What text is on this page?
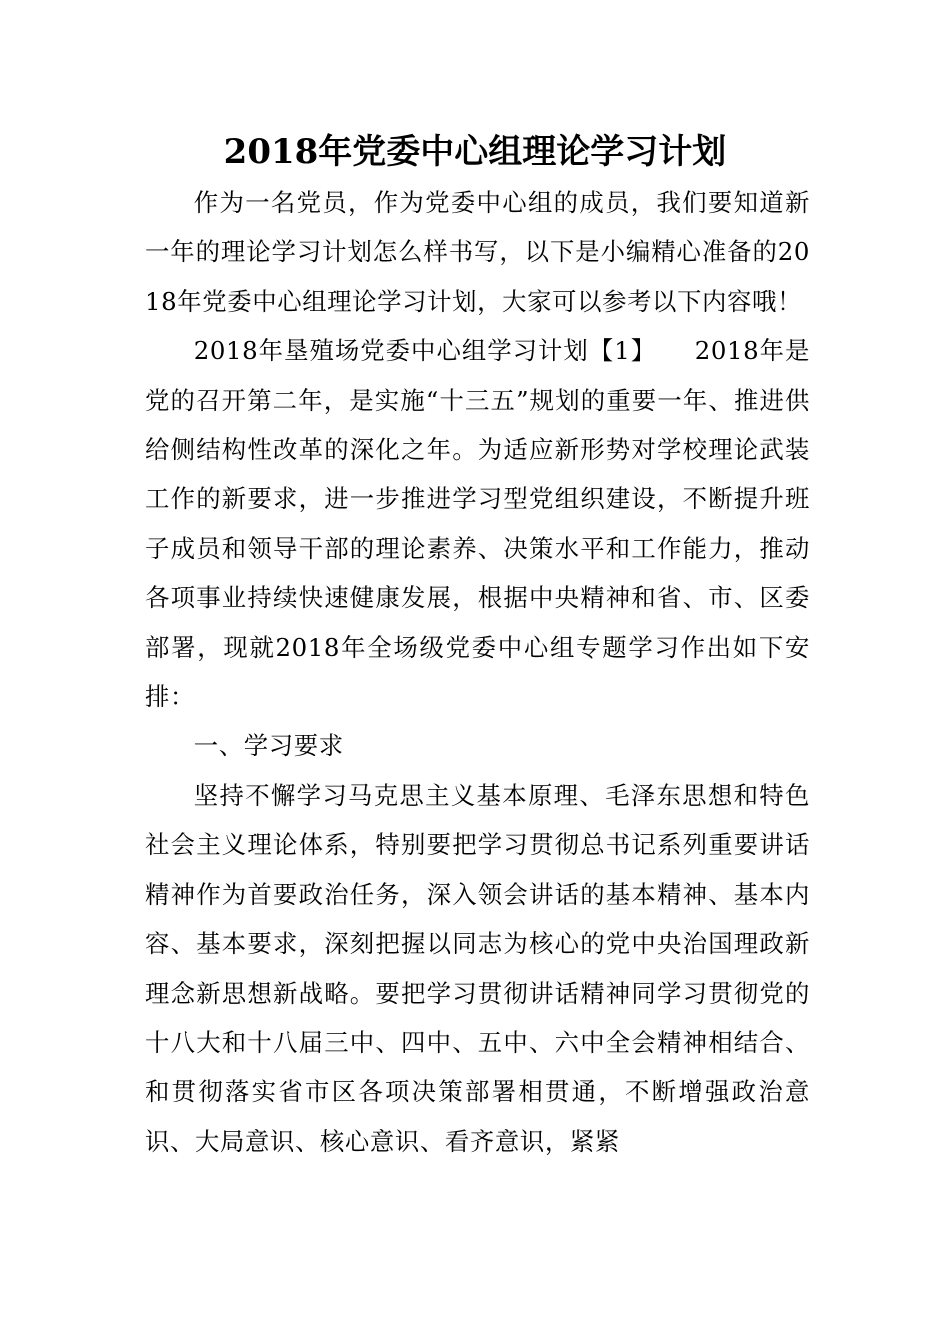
2018年党委中心组理论学习计划

作为一名党员，作为党委中心组的成员，我们要知道新一年的理论学习计划怎么样书写，以下是小编精心准备的2018年党委中心组理论学习计划，大家可以参考以下内容哦！

2018年垦殖场党委中心组学习计划【1】　　2018年是党的召开第二年，是实施“十三五”规划的重要一年、推进供给侧结构性改革的深化之年。为适应新形势对学校理论武装工作的新要求，进一步推进学习型党组织建设，不断提升班子成员和领导干部的理论素养、决策水平和工作能力，推动各项事业持续快速健康发展，根据中央精神和省、市、区委部署，现就2018年全场级党委中心组专题学习作出如下安排：

一、学习要求

坚持不懈学习马克思主义基本原理、毛泽东思想和特色社会主义理论体系，特别要把学习贯彻总书记系列重要讲话精神作为首要政治任务，深入领会讲话的基本精神、基本内容、基本要求，深刻把握以同志为核心的党中央治国理政新理念新思想新战略。要把学习贯彻讲话精神同学习贯彻党的十八大和十八届三中、四中、五中、六中全会精神相结合、和贯彻落实省市区各项决策部署相贯通，不断增强政治意识、大局意识、核心意识、看齐意识，紧紧
